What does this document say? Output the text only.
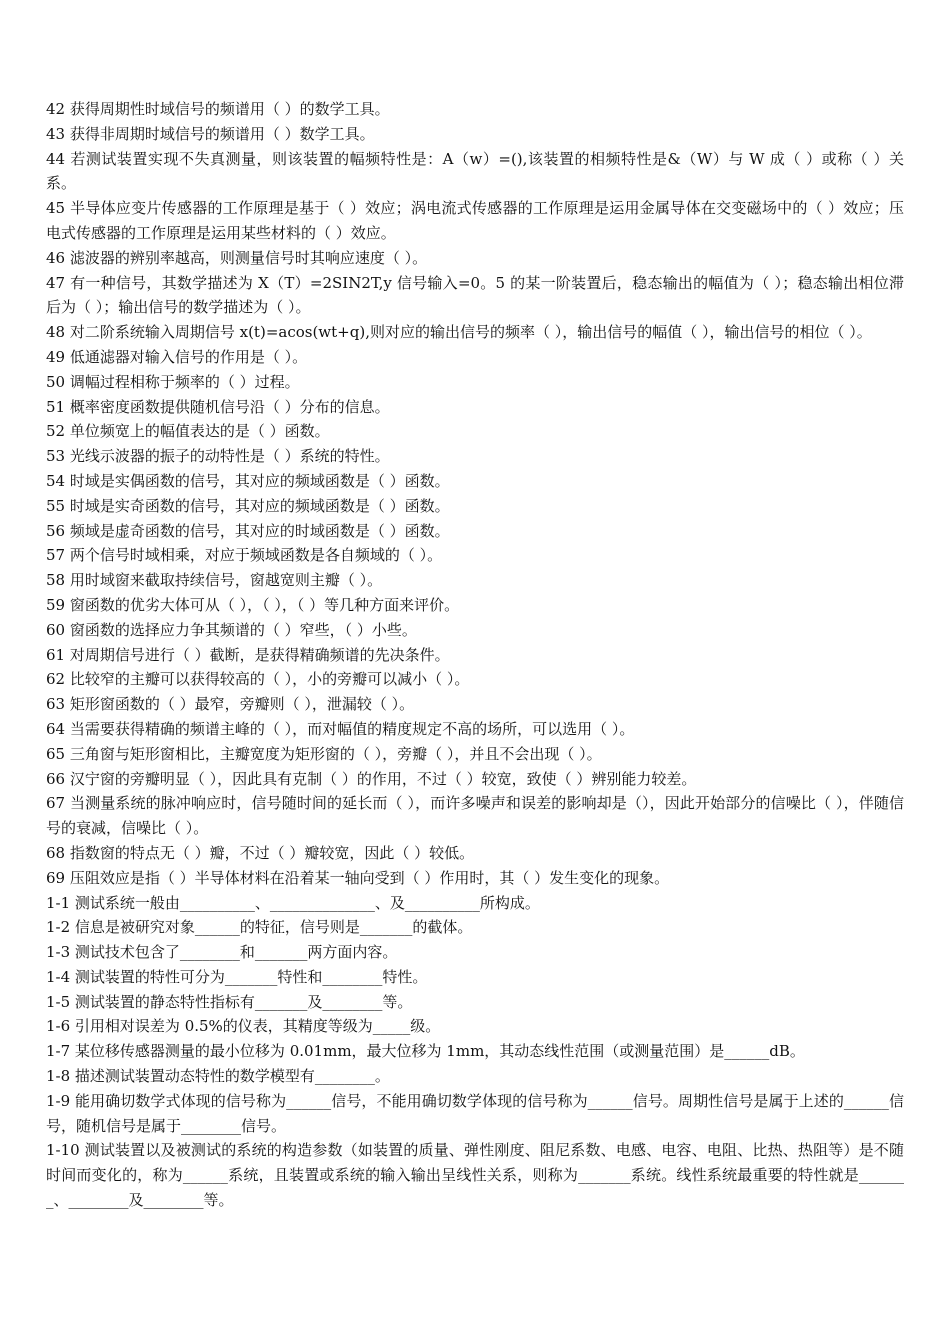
42 获得周期性时域信号的频谱用（ ）的数学工具。

43 获得非周期时域信号的频谱用（ ）数学工具。

44 若测试装置实现不失真测量，则该装置的幅频特性是：A（w）=(),该装置的相频特性是&（W）与 W 成（ ）或称（ ）关系。

45 半导体应变片传感器的工作原理是基于（ ）效应；涡电流式传感器的工作原理是运用金属导体在交变磁场中的（ ）效应；压电式传感器的工作原理是运用某些材料的（ ）效应。

46 滤波器的辨别率越高，则测量信号时其响应速度（ ）。

47 有一种信号，其数学描述为 X（T）=2SIN2T,y 信号输入=0。5 的某一阶装置后，稳态输出的幅值为（ ）；稳态输出相位滞后为（ ）；输出信号的数学描述为（ ）。

48 对二阶系统输入周期信号 x(t)=acos(wt+q),则对应的输出信号的频率（ ），输出信号的幅值（ ），输出信号的相位（ ）。

49 低通滤器对输入信号的作用是（ ）。

50 调幅过程相称于频率的（ ）过程。

51 概率密度函数提供随机信号沿（ ）分布的信息。

52 单位频宽上的幅值表达的是（ ）函数。

53 光线示波器的振子的动特性是（ ）系统的特性。

54 时域是实偶函数的信号，其对应的频域函数是（ ）函数。

55 时域是实奇函数的信号，其对应的频域函数是（ ）函数。

56 频域是虚奇函数的信号，其对应的时域函数是（ ）函数。

57 两个信号时域相乘，对应于频域函数是各自频域的（ ）。

58 用时域窗来截取持续信号，窗越宽则主瓣（ ）。

59 窗函数的优劣大体可从（ ），（ ），（ ）等几种方面来评价。

60 窗函数的选择应力争其频谱的（ ）窄些，（ ）小些。

61 对周期信号进行（ ）截断，是获得精确频谱的先决条件。

62 比较窄的主瓣可以获得较高的（ ），小的旁瓣可以减小（ ）。

63 矩形窗函数的（ ）最窄，旁瓣则（ ），泄漏较（ ）。

64 当需要获得精确的频谱主峰的（ ），而对幅值的精度规定不高的场所，可以选用（ ）。

65 三角窗与矩形窗相比，主瓣宽度为矩形窗的（ ），旁瓣（ ），并且不会出现（ ）。

66 汉宁窗的旁瓣明显（ ），因此具有克制（ ）的作用，不过（ ）较宽，致使（ ）辨别能力较差。

67 当测量系统的脉冲响应时，信号随时间的延长而（ ），而许多噪声和误差的影响却是（），因此开始部分的信噪比（ ），伴随信号的衰减，信噪比（ ）。

68 指数窗的特点无（ ）瓣，不过（ ）瓣较宽，因此（ ）较低。

69 压阻效应是指（ ）半导体材料在沿着某一轴向受到（ ）作用时，其（ ）发生变化的现象。

1-1 测试系统一般由__________、______________、及__________所构成。

1-2 信息是被研究对象______的特征，信号则是_______的截体。

1-3 测试技术包含了________和_______两方面内容。

1-4 测试装置的特性可分为_______特性和________特性。

1-5 测试装置的静态特性指标有_______及________等。

1-6 引用相对误差为 0.5%的仪表，其精度等级为_____级。

1-7 某位移传感器测量的最小位移为 0.01mm，最大位移为 1mm，其动态线性范围（或测量范围）是______dB。

1-8 描述测试装置动态特性的数学模型有________。

1-9 能用确切数学式体现的信号称为______信号，不能用确切数学体现的信号称为______信号。周期性信号是属于上述的______信号，随机信号是属于________信号。

1-10 测试装置以及被测试的系统的构造参数（如装置的质量、弹性刚度、阻尼系数、电感、电容、电阻、比热、热阻等）是不随时间而变化的，称为______系统，且装置或系统的输入输出呈线性关系，则称为_______系统。线性系统最重要的特性就是_______、________及________等。
